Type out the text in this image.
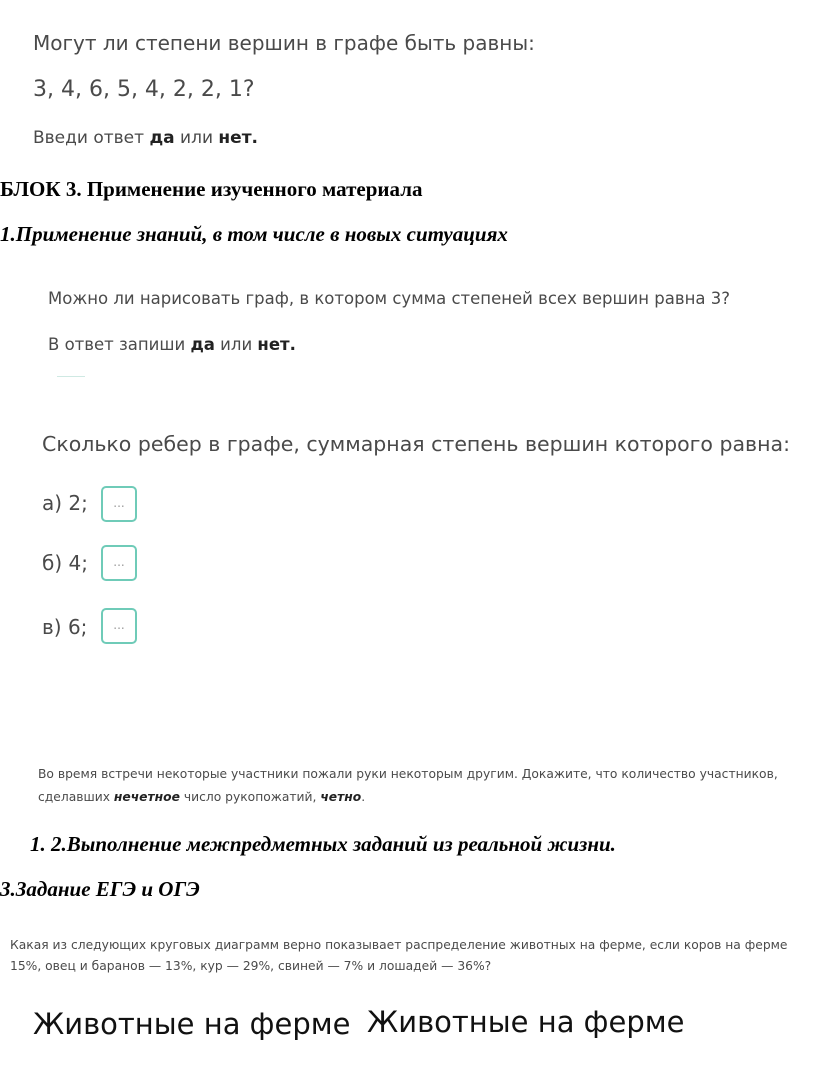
Могут ли степени вершин в графе быть равны:
3, 4, 6, 5, 4, 2, 2, 1?
Введи ответ да или нет.
БЛОК 3. Применение изученного материала
1.Применение знаний, в том числе в новых ситуациях
Можно ли нарисовать граф, в котором сумма степеней всех вершин равна 3?
В ответ запиши да или нет.
Сколько ребер в графе, суммарная степень вершин которого равна:
а) 2;	...
б) 4;	...
в) 6;	...
Во время встречи некоторые участники пожали руки некоторым другим. Докажите, что количество участников,
сделавших нечетное число рукопожатий, четно.
1. 2.Выполнение межпредметных заданий из реальной жизни.
3.Задание ЕГЭ и ОГЭ
Какая из следующих круговых диаграмм верно показывает распределение животных на ферме, если коров на ферме
15%, овец и баранов — 13%, кур — 29%, свиней — 7% и лошадей — 36%?
Животные на ферме Животные на ферме
